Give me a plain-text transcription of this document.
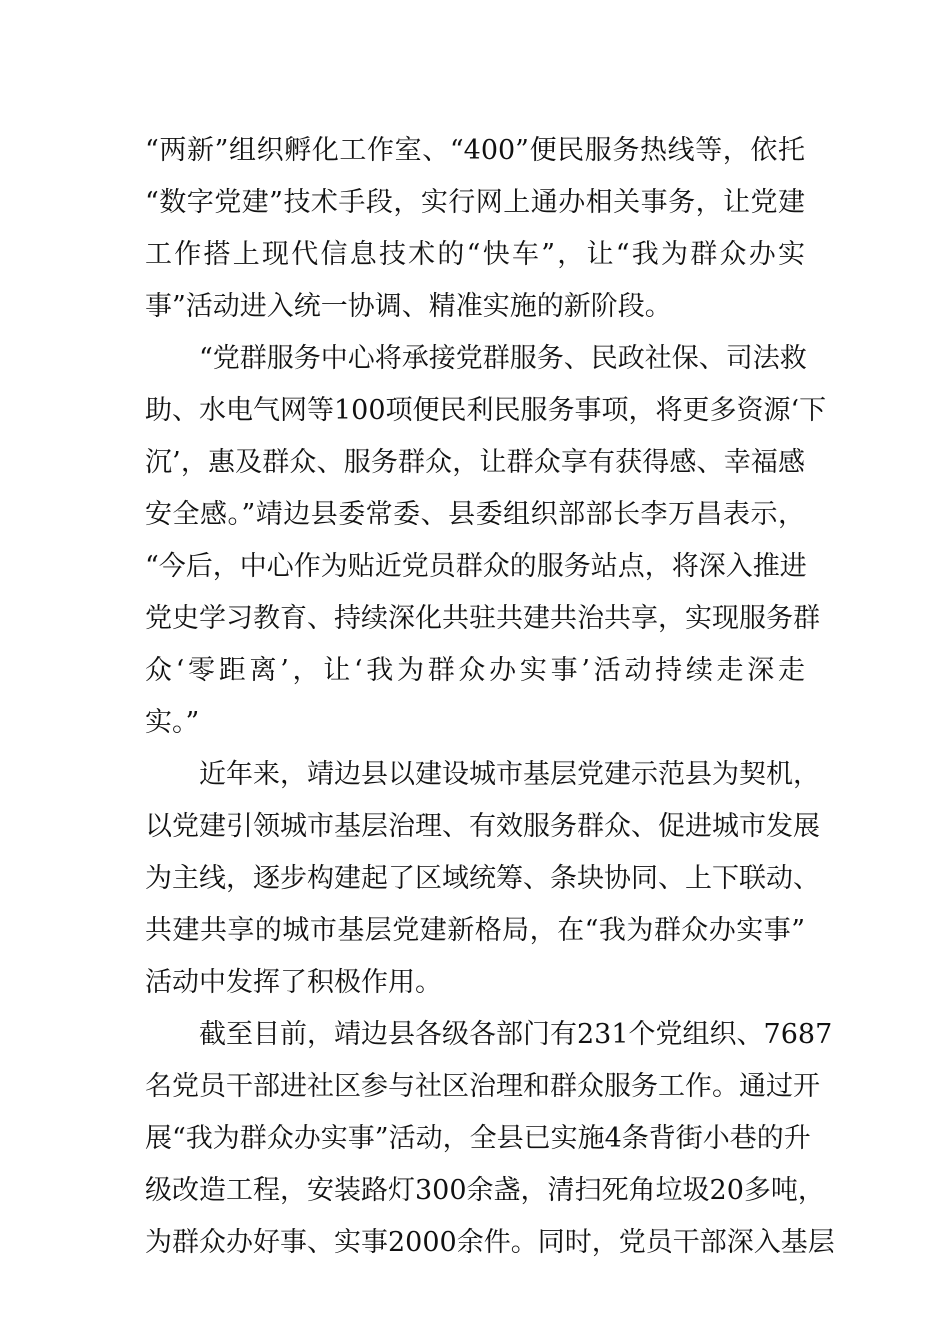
“两新”组织孵化工作室、“400”便民服务热线等，依托
“数字党建”技术手段，实行网上通办相关事务，让党建
工作搭上现代信息技术的“快车”，让“我为群众办实
事”活动进入统一协调、精准实施的新阶段。
　　“党群服务中心将承接党群服务、民政社保、司法救
助、水电气网等100项便民利民服务事项，将更多资源‘下
沉’，惠及群众、服务群众，让群众享有获得感、幸福感
安全感。”靖边县委常委、县委组织部部长李万昌表示，
“今后，中心作为贴近党员群众的服务站点，将深入推进
党史学习教育、持续深化共驻共建共治共享，实现服务群
众‘零距离’，让‘我为群众办实事’活动持续走深走
实。”
　　近年来，靖边县以建设城市基层党建示范县为契机，
以党建引领城市基层治理、有效服务群众、促进城市发展
为主线，逐步构建起了区域统筹、条块协同、上下联动、
共建共享的城市基层党建新格局，在“我为群众办实事”
活动中发挥了积极作用。
　　截至目前，靖边县各级各部门有231个党组织、7687
名党员干部进社区参与社区治理和群众服务工作。通过开
展“我为群众办实事”活动，全县已实施4条背街小巷的升
级改造工程，安装路灯300余盏，清扫死角垃圾20多吨，
为群众办好事、实事2000余件。同时，党员干部深入基层
